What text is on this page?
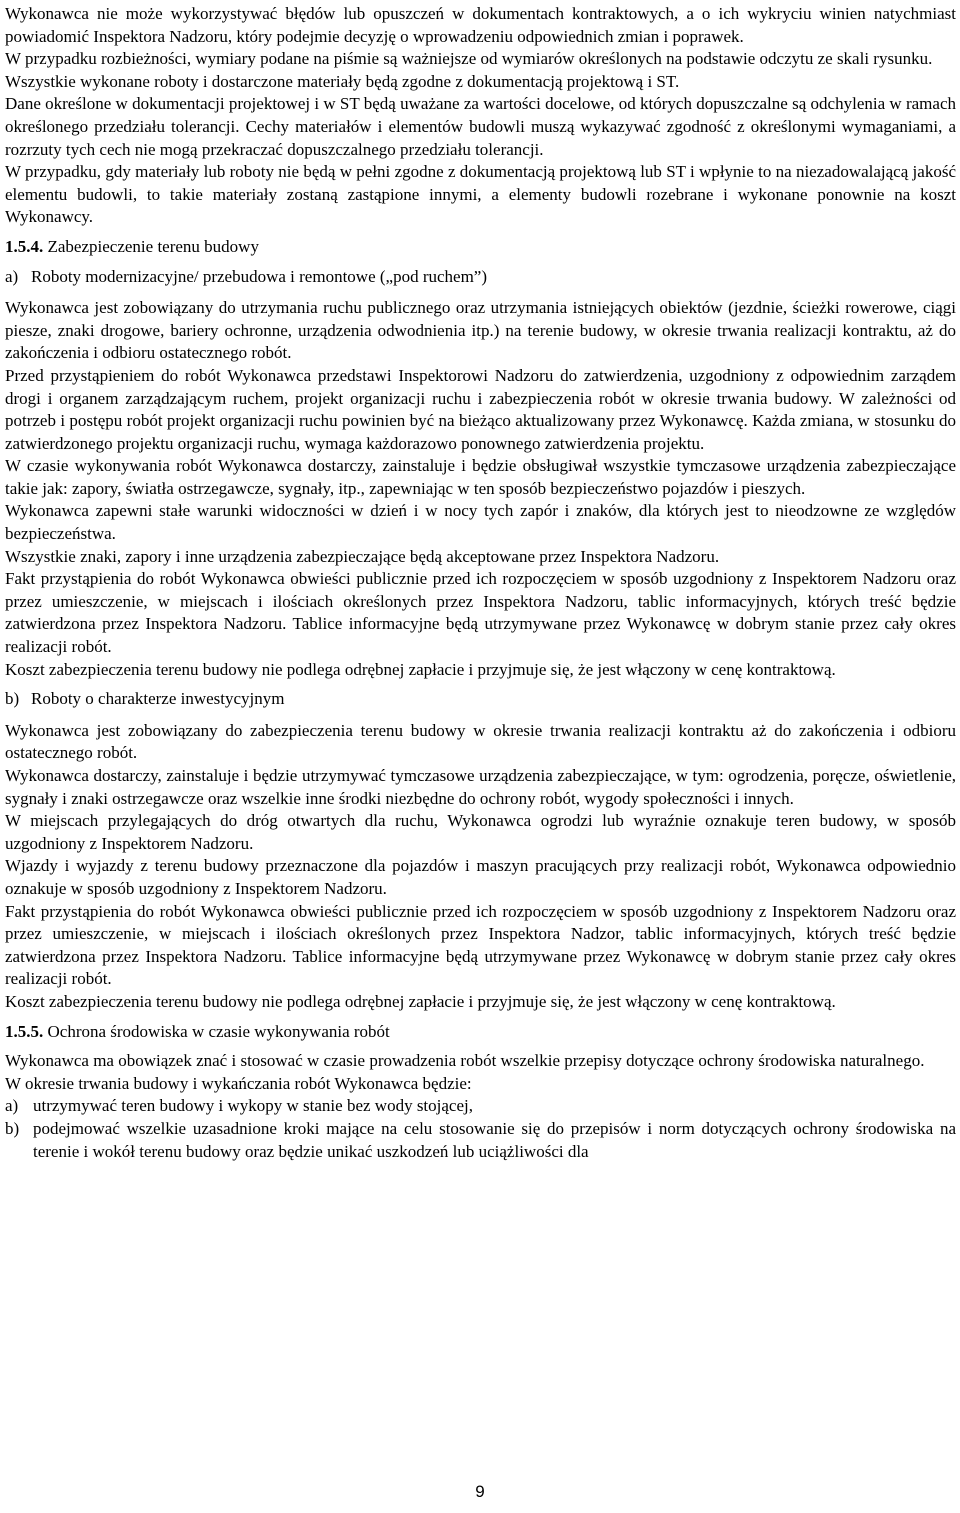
Wykonawca nie może wykorzystywać błędów lub opuszczeń w dokumentach kontraktowych, a o ich wykryciu winien natychmiast powiadomić Inspektora Nadzoru, który podejmie decyzję o wprowadzeniu odpowiednich zmian i poprawek.

W przypadku rozbieżności, wymiary podane na piśmie są ważniejsze od wymiarów określonych na podstawie odczytu ze skali rysunku.

Wszystkie wykonane roboty i dostarczone materiały będą zgodne z dokumentacją projektową i ST.

Dane określone w dokumentacji projektowej i w ST będą uważane za wartości docelowe, od których dopuszczalne są odchylenia w ramach określonego przedziału tolerancji. Cechy materiałów i elementów budowli muszą wykazywać zgodność z określonymi wymaganiami, a rozrzuty tych cech nie mogą przekraczać dopuszczalnego przedziału tolerancji.

W przypadku, gdy materiały lub roboty nie będą w pełni zgodne z dokumentacją projektową lub ST i wpłynie to na niezadowalającą jakość elementu budowli, to takie materiały zostaną zastąpione innymi, a elementy budowli rozebrane i wykonane ponownie na koszt Wykonawcy.

1.5.4. Zabezpieczenie terenu budowy
a) Roboty modernizacyjne/ przebudowa i remontowe („pod ruchem”)

Wykonawca jest zobowiązany do utrzymania ruchu publicznego oraz utrzymania istniejących obiektów (jezdnie, ścieżki rowerowe, ciągi piesze, znaki drogowe, bariery ochronne, urządzenia odwodnienia itp.) na terenie budowy, w okresie trwania realizacji kontraktu, aż do zakończenia i odbioru ostatecznego robót.

Przed przystąpieniem do robót Wykonawca przedstawi Inspektorowi Nadzoru do zatwierdzenia, uzgodniony z odpowiednim zarządem drogi i organem zarządzającym ruchem, projekt organizacji ruchu i zabezpieczenia robót w okresie trwania budowy. W zależności od potrzeb i postępu robót projekt organizacji ruchu powinien być na bieżąco aktualizowany przez Wykonawcę. Każda zmiana, w stosunku do zatwierdzonego projektu organizacji ruchu, wymaga każdorazowo ponownego zatwierdzenia projektu.

W czasie wykonywania robót Wykonawca dostarczy, zainstaluje i będzie obsługiwał wszystkie tymczasowe urządzenia zabezpieczające takie jak: zapory, światła ostrzegawcze, sygnały, itp., zapewniając w ten sposób bezpieczeństwo pojazdów i pieszych.

Wykonawca zapewni stałe warunki widoczności w dzień i w nocy tych zapór i znaków, dla których jest to nieodzowne ze względów bezpieczeństwa.

Wszystkie znaki, zapory i inne urządzenia zabezpieczające będą akceptowane przez Inspektora Nadzoru.

Fakt przystąpienia do robót Wykonawca obwieści publicznie przed ich rozpoczęciem w sposób uzgodniony z Inspektorem Nadzoru oraz przez umieszczenie, w miejscach i ilościach określonych przez Inspektora Nadzoru, tablic informacyjnych, których treść będzie zatwierdzona przez Inspektora Nadzoru. Tablice informacyjne będą utrzymywane przez Wykonawcę w dobrym stanie przez cały okres realizacji robót.

Koszt zabezpieczenia terenu budowy nie podlega odrębnej zapłacie i przyjmuje się, że jest włączony w cenę kontraktową.

b) Roboty o charakterze inwestycyjnym

Wykonawca jest zobowiązany do zabezpieczenia terenu budowy w okresie trwania realizacji kontraktu aż do zakończenia i odbioru ostatecznego robót.

Wykonawca dostarczy, zainstaluje i będzie utrzymywać tymczasowe urządzenia zabezpieczające, w tym: ogrodzenia, poręcze, oświetlenie, sygnały i znaki ostrzegawcze oraz wszelkie inne środki niezbędne do ochrony robót, wygody społeczności i innych.

W miejscach przylegających do dróg otwartych dla ruchu, Wykonawca ogrodzi lub wyraźnie oznakuje teren budowy, w sposób uzgodniony z Inspektorem Nadzoru.

Wjazdy i wyjazdy z terenu budowy przeznaczone dla pojazdów i maszyn pracujących przy realizacji robót, Wykonawca odpowiednio oznakuje w sposób uzgodniony z Inspektorem Nadzoru.

Fakt przystąpienia do robót Wykonawca obwieści publicznie przed ich rozpoczęciem w sposób uzgodniony z Inspektorem Nadzoru oraz przez umieszczenie, w miejscach i ilościach określonych przez Inspektora Nadzor, tablic informacyjnych, których treść będzie zatwierdzona przez Inspektora Nadzoru. Tablice informacyjne będą utrzymywane przez Wykonawcę w dobrym stanie przez cały okres realizacji robót.

Koszt zabezpieczenia terenu budowy nie podlega odrębnej zapłacie i przyjmuje się, że jest włączony w cenę kontraktową.

1.5.5. Ochrona środowiska w czasie wykonywania robót

Wykonawca ma obowiązek znać i stosować w czasie prowadzenia robót wszelkie przepisy dotyczące ochrony środowiska naturalnego.

W okresie trwania budowy i wykańczania robót Wykonawca będzie:

a) utrzymywać teren budowy i wykopy w stanie bez wody stojącej,
b) podejmować wszelkie uzasadnione kroki mające na celu stosowanie się do przepisów i norm dotyczących ochrony środowiska na terenie i wokół terenu budowy oraz będzie unikać uszkodzeń lub uciążliwości dla
9
